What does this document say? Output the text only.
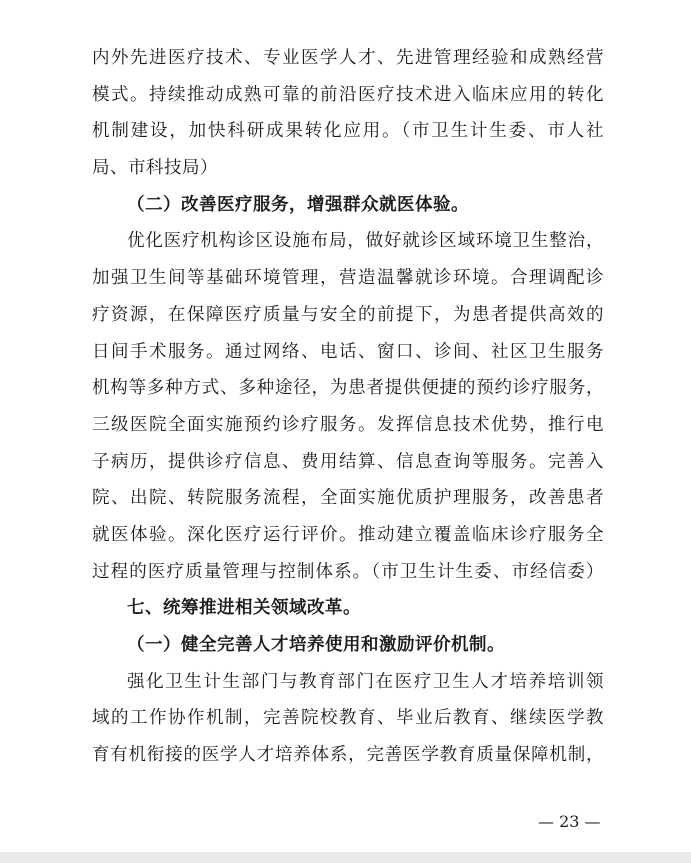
内外先进医疗技术、专业医学人才、先进管理经验和成熟经营
模式。持续推动成熟可靠的前沿医疗技术进入临床应用的转化
机制建设，加快科研成果转化应用。（市卫生计生委、市人社
局、市科技局）
（二）改善医疗服务，增强群众就医体验。
优化医疗机构诊区设施布局，做好就诊区域环境卫生整治，
加强卫生间等基础环境管理，营造温馨就诊环境。合理调配诊
疗资源，在保障医疗质量与安全的前提下，为患者提供高效的
日间手术服务。通过网络、电话、窗口、诊间、社区卫生服务
机构等多种方式、多种途径，为患者提供便捷的预约诊疗服务，
三级医院全面实施预约诊疗服务。发挥信息技术优势，推行电
子病历，提供诊疗信息、费用结算、信息查询等服务。完善入
院、出院、转院服务流程，全面实施优质护理服务，改善患者
就医体验。深化医疗运行评价。推动建立覆盖临床诊疗服务全
过程的医疗质量管理与控制体系。（市卫生计生委、市经信委）
七、统筹推进相关领域改革。
（一）健全完善人才培养使用和激励评价机制。
强化卫生计生部门与教育部门在医疗卫生人才培养培训领
域的工作协作机制，完善院校教育、毕业后教育、继续医学教
育有机衔接的医学人才培养体系，完善医学教育质量保障机制，
— 23 —
